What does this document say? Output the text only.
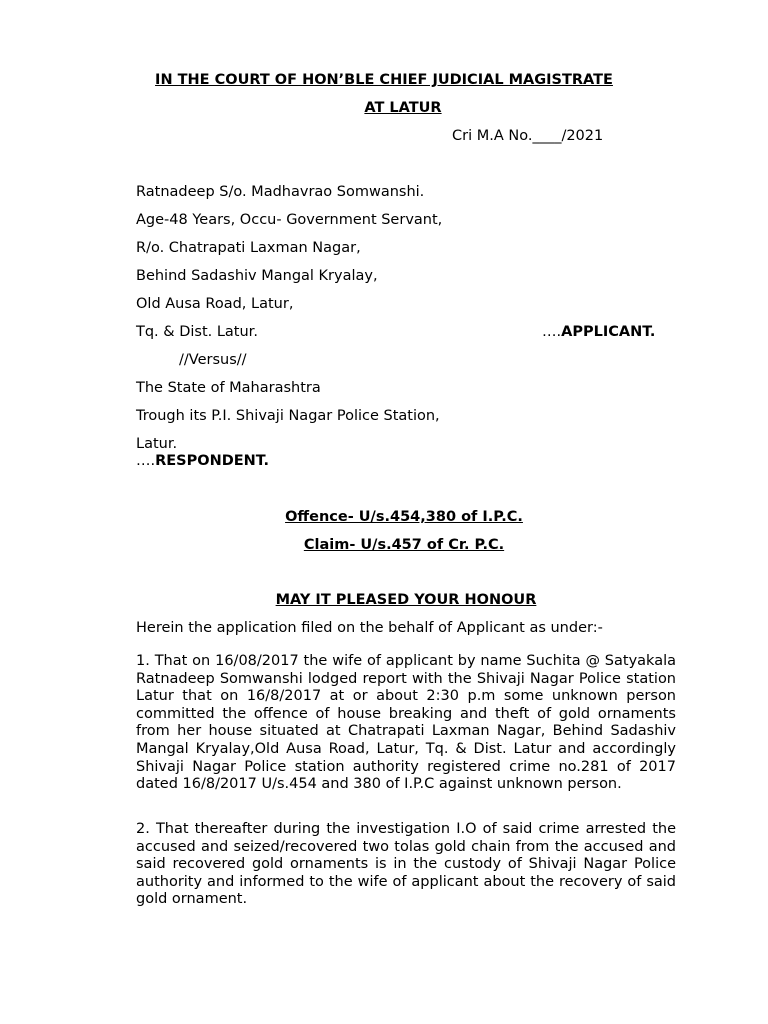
IN THE COURT OF HON’BLE CHIEF JUDICIAL MAGISTRATE
AT LATUR
Cri M.A No.____/2021
Ratnadeep S/o. Madhavrao Somwanshi.
Age-48 Years, Occu- Government Servant,
R/o. Chatrapati Laxman Nagar,
Behind Sadashiv Mangal Kryalay,
Old Ausa Road, Latur,
Tq. & Dist. Latur.	….APPLICANT.
//Versus//
The State of Maharashtra
Trough its P.I. Shivaji Nagar Police Station,
Latur.
….RESPONDENT.
Offence- U/s.454,380 of I.P.C.
Claim- U/s.457 of Cr. P.C.
MAY IT PLEASED YOUR HONOUR
Herein the application filed on the behalf of Applicant as under:-
1. That on 16/08/2017 the wife of applicant by name Suchita @ Satyakala Ratnadeep Somwanshi lodged report with the Shivaji Nagar Police station Latur that on 16/8/2017 at or about 2:30 p.m some unknown person committed the offence of house breaking and theft of gold ornaments from her house situated at Chatrapati Laxman Nagar, Behind Sadashiv Mangal Kryalay,Old Ausa Road, Latur, Tq. & Dist. Latur and accordingly Shivaji Nagar Police station authority registered crime no.281 of 2017 dated 16/8/2017 U/s.454 and 380 of I.P.C against unknown person.
2. That thereafter during the investigation I.O of said crime arrested the accused and seized/recovered two tolas gold chain from the accused and said recovered gold ornaments is in the custody of Shivaji Nagar Police authority and informed to the wife of applicant about the recovery of said gold ornament.
